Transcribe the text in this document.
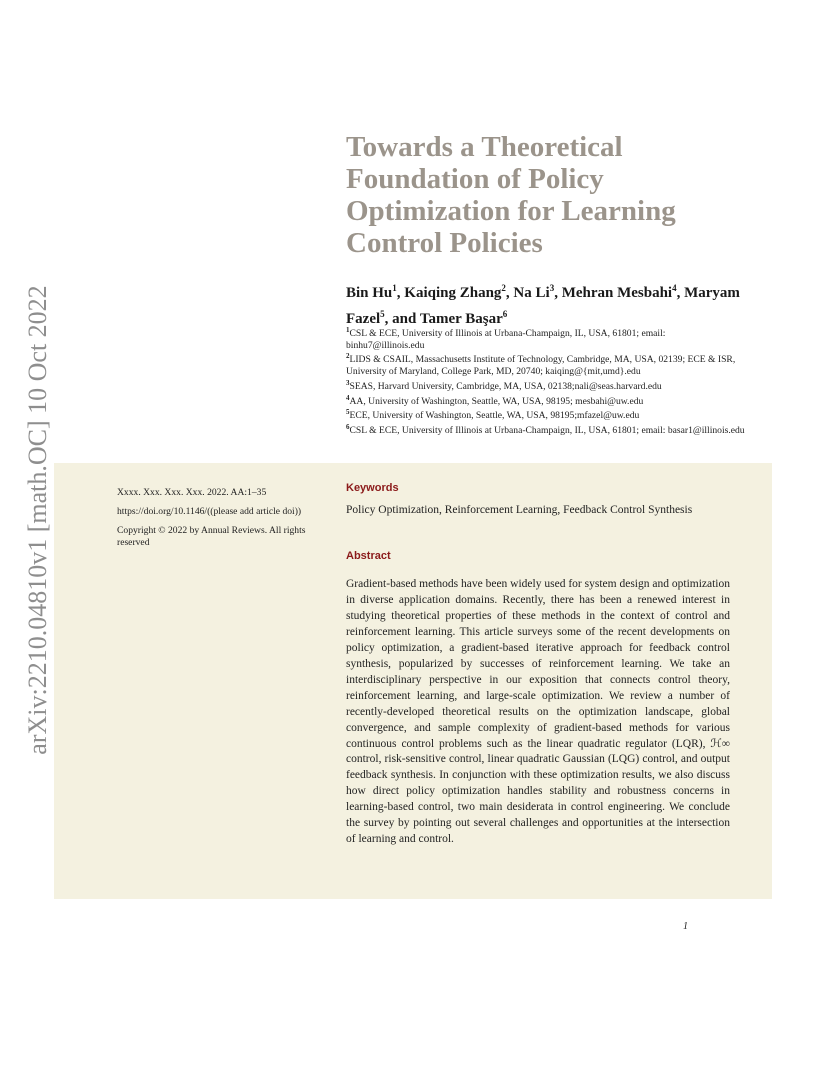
arXiv:2210.04810v1 [math.OC] 10 Oct 2022
Towards a Theoretical Foundation of Policy Optimization for Learning Control Policies
Bin Hu$^1$, Kaiqing Zhang$^2$, Na Li$^3$, Mehran Mesbahi$^4$, Maryam Fazel$^5$, and Tamer Başar$^6$
$^1$CSL & ECE, University of Illinois at Urbana-Champaign, IL, USA, 61801; email: binhu7@illinois.edu
$^2$LIDS & CSAIL, Massachusetts Institute of Technology, Cambridge, MA, USA, 02139; ECE & ISR, University of Maryland, College Park, MD, 20740; kaiqing@{mit,umd}.edu
$^3$SEAS, Harvard University, Cambridge, MA, USA, 02138;nali@seas.harvard.edu
$^4$AA, University of Washington, Seattle, WA, USA, 98195; mesbahi@uw.edu
$^5$ECE, University of Washington, Seattle, WA, USA, 98195;mfazel@uw.edu
$^6$CSL & ECE, University of Illinois at Urbana-Champaign, IL, USA, 61801; email: basar1@illinois.edu

Xxxx. Xxx. Xxx. Xxx. 2022. AA:1–35

https://doi.org/10.1146/((please add article doi))

Copyright © 2022 by Annual Reviews. All rights reserved

Keywords
Policy Optimization, Reinforcement Learning, Feedback Control Synthesis
Abstract

Gradient-based methods have been widely used for system design and optimization in diverse application domains. Recently, there has been a renewed interest in studying theoretical properties of these methods in the context of control and reinforcement learning. This article surveys some of the recent developments on policy optimization, a gradient-based iterative approach for feedback control synthesis, popularized by successes of reinforcement learning. We take an interdisciplinary perspective in our exposition that connects control theory, reinforcement learning, and large-scale optimization. We review a number of recently-developed theoretical results on the optimization landscape, global convergence, and sample complexity of gradient-based methods for various continuous control problems such as the linear quadratic regulator (LQR), ℋ∞ control, risk-sensitive control, linear quadratic Gaussian (LQG) control, and output feedback synthesis. In conjunction with these optimization results, we also discuss how direct policy optimization handles stability and robustness concerns in learning-based control, two main desiderata in control engineering. We conclude the survey by pointing out several challenges and opportunities at the intersection of learning and control.

1
